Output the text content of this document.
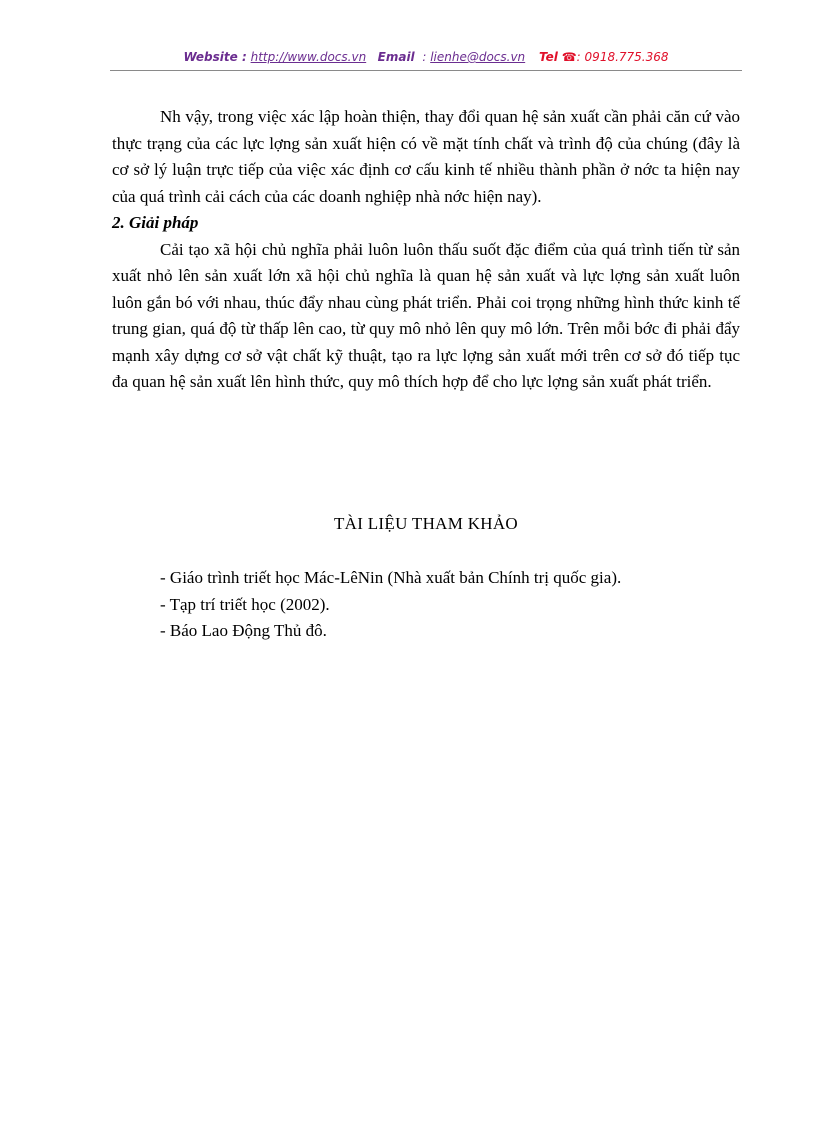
Website : http://www.docs.vn Email : lienhe@docs.vn Tel ☎: 0918.775.368

Nh vậy, trong việc xác lập hoàn thiện, thay đổi quan hệ sản xuất cần phải căn cứ vào thực trạng của các lực lợng sản xuất hiện có về mặt tính chất và trình độ của chúng (đây là cơ sở lý luận trực tiếp của việc xác định cơ cấu kinh tế nhiều thành phần ở nớc ta hiện nay của quá trình cải cách của các doanh nghiệp nhà nớc hiện nay).

2. Giải pháp

Cải tạo xã hội chủ nghĩa phải luôn luôn thấu suốt đặc điểm của quá trình tiến từ sản xuất nhỏ lên sản xuất lớn xã hội chủ nghĩa là quan hệ sản xuất và lực lợng sản xuất luôn luôn gắn bó với nhau, thúc đẩy nhau cùng phát triển. Phải coi trọng những hình thức kinh tế trung gian, quá độ từ thấp lên cao, từ quy mô nhỏ lên quy mô lớn. Trên mỗi bớc đi phải đẩy mạnh xây dựng cơ sở vật chất kỹ thuật, tạo ra lực lợng sản xuất mới trên cơ sở đó tiếp tục đa quan hệ sản xuất lên hình thức, quy mô thích hợp để cho lực lợng sản xuất phát triển.

TÀI LIỆU THAM KHẢO
- Giáo trình triết học Mác-LêNin (Nhà xuất bản Chính trị quốc gia).
- Tạp trí triết học (2002).
- Báo Lao Động Thủ đô.
